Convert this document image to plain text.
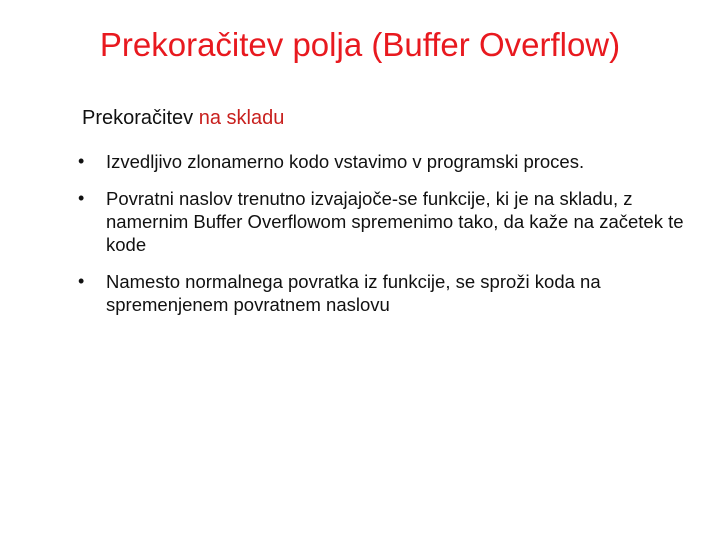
Prekoračitev polja (Buffer Overflow)
Prekoračitev na skladu
•	Izvedljivo zlonamerno kodo vstavimo v programski proces.
•	Povratni naslov trenutno izvajajoče-se funkcije, ki je na skladu, z namernim Buffer Overflowom spremenimo tako, da kaže na začetek te kode
•	Namesto normalnega povratka iz funkcije, se sproži koda na spremenjenem povratnem naslovu
